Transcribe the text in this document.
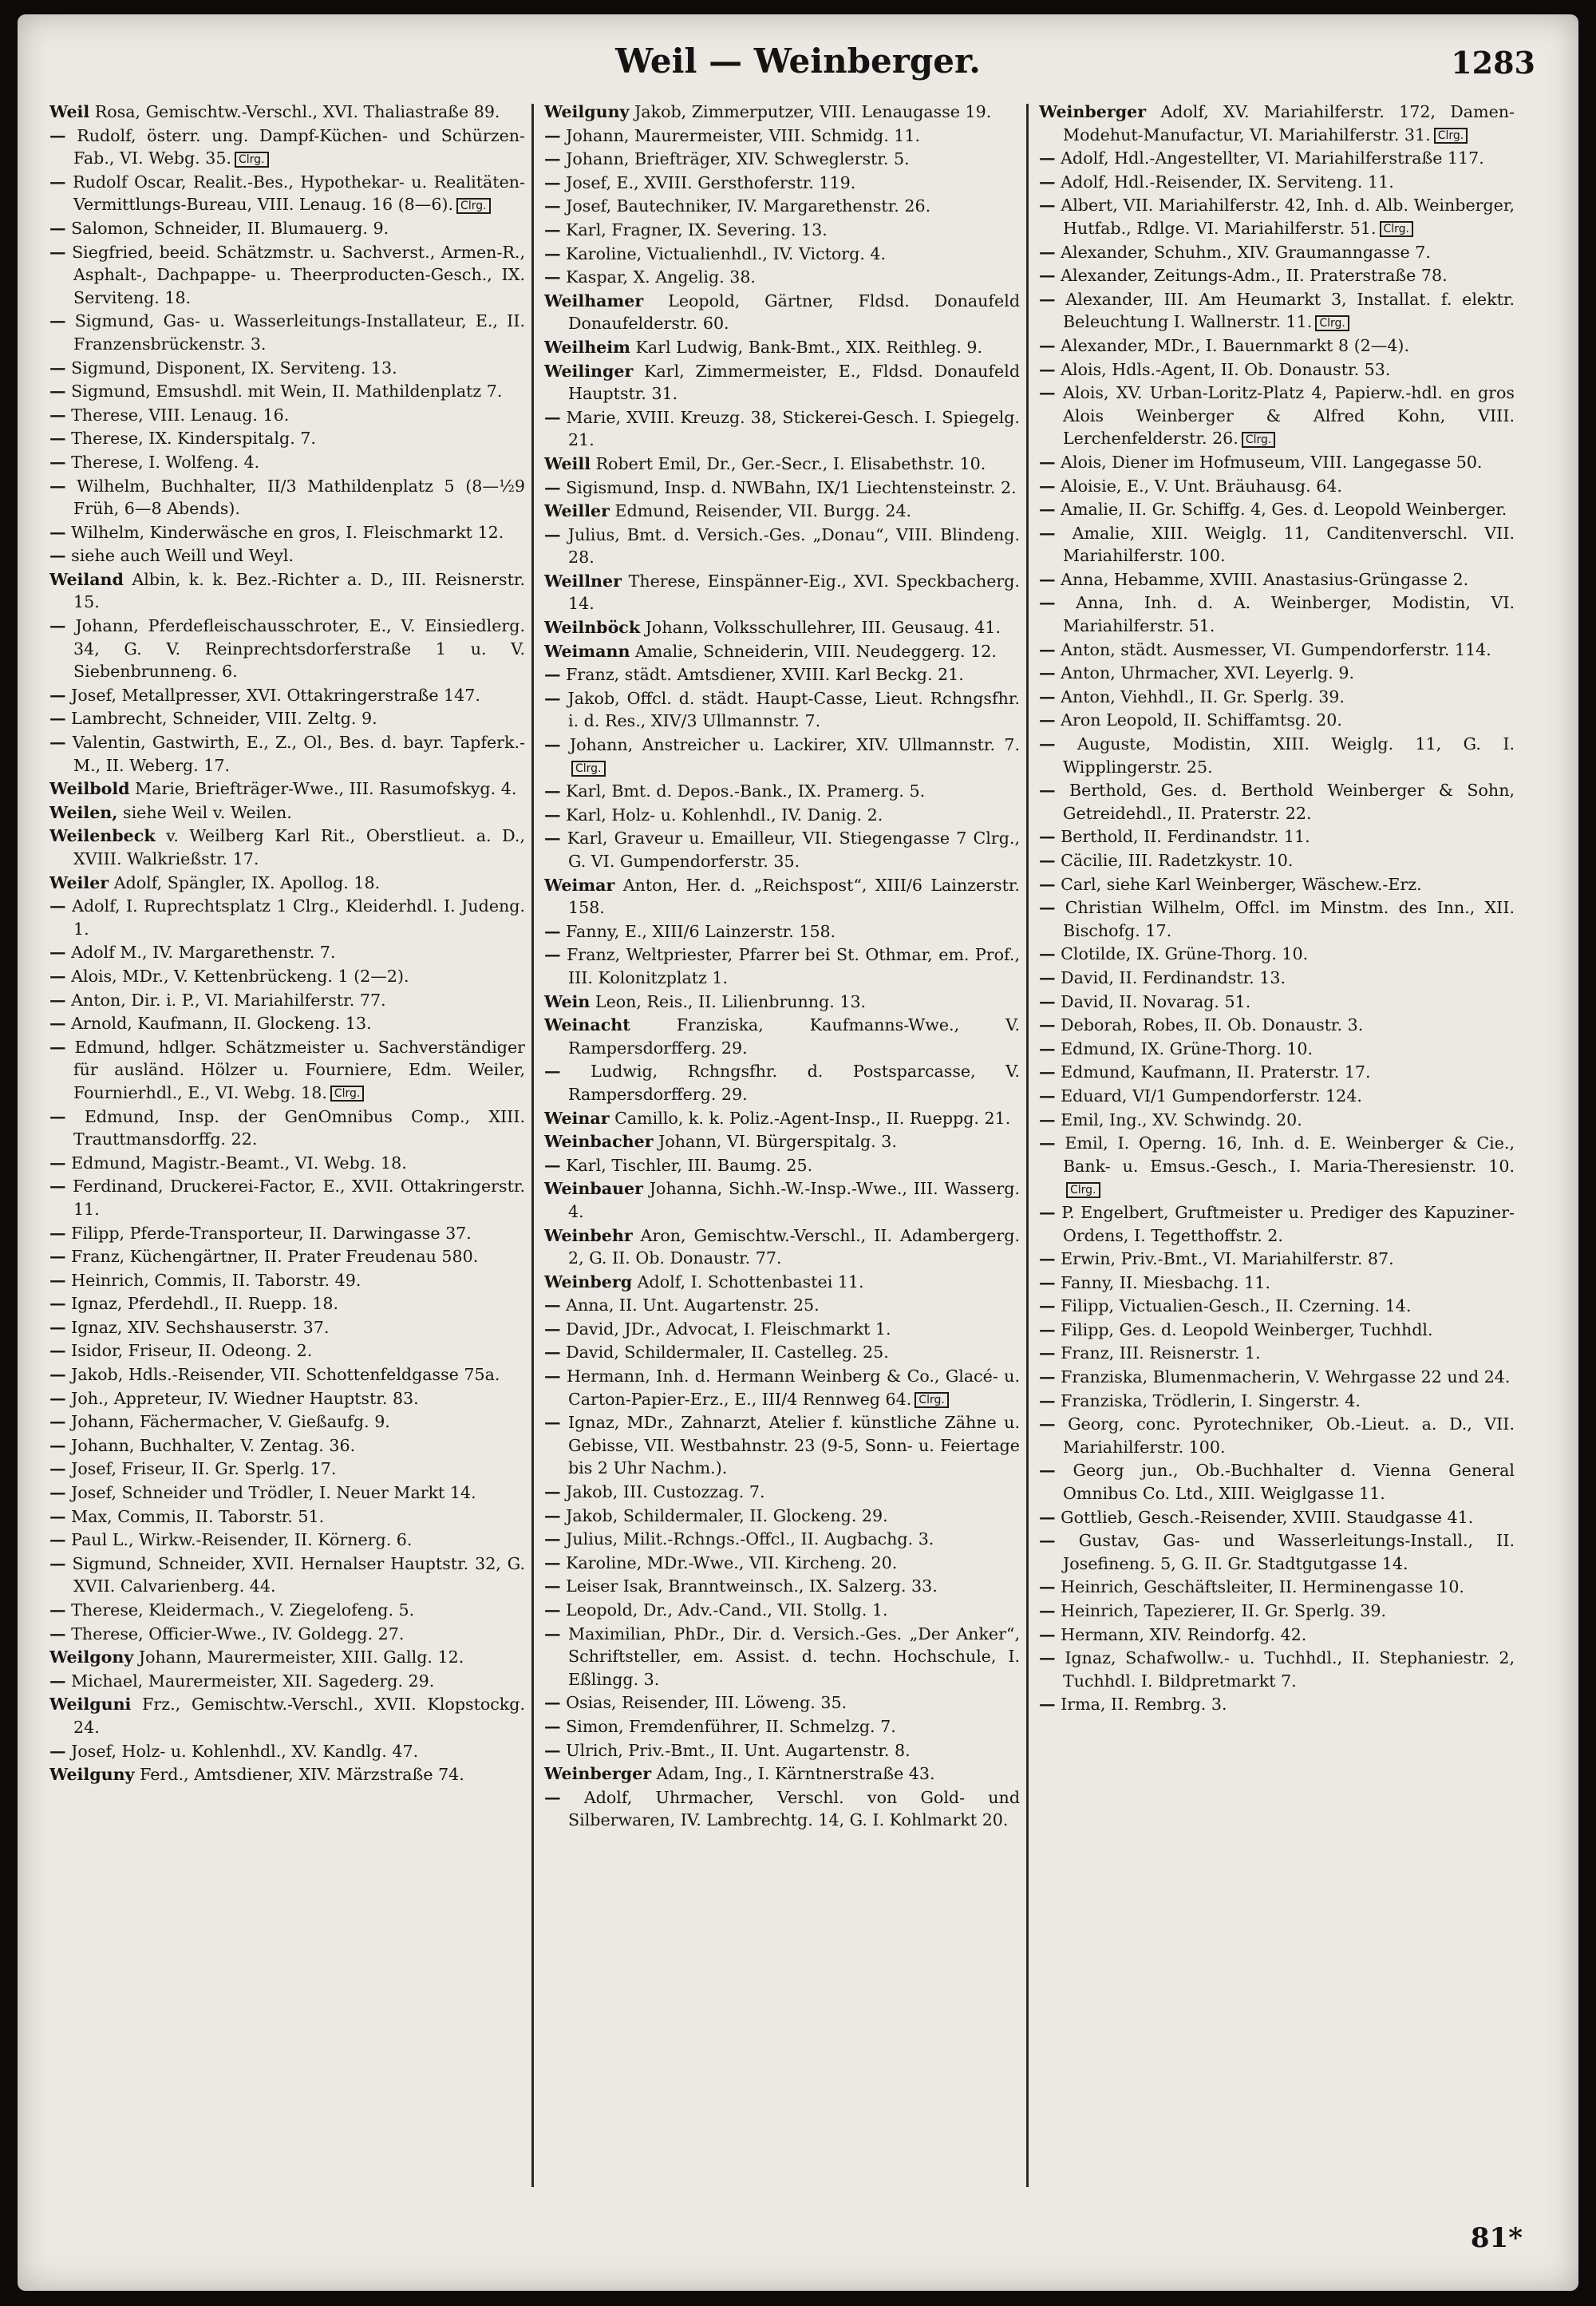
Weil — Weinberger.	1283
Weil Rosa, Gemischtw.-Verschl., XVI. Thaliastraße 89.
— Rudolf, österr. ung. Dampf-Küchen- und Schürzen-Fab., VI. Webg. 35. Clrg.
— Rudolf Oscar, Realit.-Bes., Hypothekar- u. Realitäten-Vermittlungs-Bureau, VIII. Lenaug. 16 (8—6). Clrg.
— Salomon, Schneider, II. Blumauerg. 9.
— Siegfried, beeid. Schätzmstr. u. Sachverst., Armen-R., Asphalt-, Dachpappe- u. Theerproducten-Gesch., IX. Serviteng. 18.
— Sigmund, Gas- u. Wasserleitungs-Installateur, E., II. Franzensbrückenstr. 3.
— Sigmund, Disponent, IX. Serviteng. 13.
— Sigmund, Emsushdl. mit Wein, II. Mathildenplatz 7.
— Therese, VIII. Lenaug. 16.
— Therese, IX. Kinderspitalg. 7.
— Therese, I. Wolfeng. 4.
— Wilhelm, Buchhalter, II/3 Mathildenplatz 5 (8—½9 Früh, 6—8 Abends).
— Wilhelm, Kinderwäsche en gros, I. Fleischmarkt 12.
— siehe auch Weill und Weyl.
Weiland Albin, k. k. Bez.-Richter a. D., III. Reisnerstr. 15.
— Johann, Pferdefleischausschroter, E., V. Einsiedlerg. 34, G. V. Reinprechtsdorferstraße 1 u. V. Siebenbrunneng. 6.
— Josef, Metallpresser, XVI. Ottakringerstraße 147.
— Lambrecht, Schneider, VIII. Zeltg. 9.
— Valentin, Gastwirth, E., Z., Ol., Bes. d. bayr. Tapferk.-M., II. Weberg. 17.
Weilbold Marie, Briefträger-Wwe., III. Rasumofskyg. 4.
Weilen, siehe Weil v. Weilen.
Weilenbeck v. Weilberg Karl Rit., Oberstlieut. a. D., XVIII. Walkrießstr. 17.
Weiler Adolf, Spängler, IX. Apollog. 18.
— Adolf, I. Ruprechtsplatz 1 Clrg., Kleiderhdl. I. Judeng. 1.
— Adolf M., IV. Margarethenstr. 7.
— Alois, MDr., V. Kettenbrückeng. 1 (2—2).
— Anton, Dir. i. P., VI. Mariahilferstr. 77.
— Arnold, Kaufmann, II. Glockeng. 13.
— Edmund, hdlger. Schätzmeister u. Sachverständiger für ausländ. Hölzer u. Fourniere, Edm. Weiler, Fournierhdl., E., VI. Webg. 18. Clrg.
— Edmund, Insp. der GenOmnibus Comp., XIII. Trauttmansdorffg. 22.
— Edmund, Magistr.-Beamt., VI. Webg. 18.
— Ferdinand, Druckerei-Factor, E., XVII. Ottakringerstr. 11.
— Filipp, Pferde-Transporteur, II. Darwingasse 37.
— Franz, Küchengärtner, II. Prater Freudenau 580.
— Heinrich, Commis, II. Taborstr. 49.
— Ignaz, Pferdehdl., II. Ruepp. 18.
— Ignaz, XIV. Sechshauserstr. 37.
— Isidor, Friseur, II. Odeong. 2.
— Jakob, Hdls.-Reisender, VII. Schottenfeldgasse 75a.
— Joh., Appreteur, IV. Wiedner Hauptstr. 83.
— Johann, Fächermacher, V. Gießaufg. 9.
— Johann, Buchhalter, V. Zentag. 36.
— Josef, Friseur, II. Gr. Sperlg. 17.
— Josef, Schneider und Trödler, I. Neuer Markt 14.
— Max, Commis, II. Taborstr. 51.
— Paul L., Wirkw.-Reisender, II. Körnerg. 6.
— Sigmund, Schneider, XVII. Hernalser Hauptstr. 32, G. XVII. Calvarienberg. 44.
— Therese, Kleidermach., V. Ziegelofeng. 5.
— Therese, Officier-Wwe., IV. Goldegg. 27.
Weilgony Johann, Maurermeister, XIII. Gallg. 12.
— Michael, Maurermeister, XII. Sagederg. 29.
Weilguni Frz., Gemischtw.-Verschl., XVII. Klopstockg. 24.
— Josef, Holz- u. Kohlenhdl., XV. Kandlg. 47.
Weilguny Ferd., Amtsdiener, XIV. Märzstraße 74.
Weilguny Jakob, Zimmerputzer, VIII. Lenaugasse 19.
— Johann, Maurermeister, VIII. Schmidg. 11.
— Johann, Briefträger, XIV. Schweglerstr. 5.
— Josef, E., XVIII. Gersthoferstr. 119.
— Josef, Bautechniker, IV. Margarethenstr. 26.
— Karl, Fragner, IX. Severing. 13.
— Karoline, Victualienhdl., IV. Victorg. 4.
— Kaspar, X. Angelig. 38.
Weilhamer Leopold, Gärtner, Fldsd. Donaufeld Donaufelderstr. 60.
Weilheim Karl Ludwig, Bank-Bmt., XIX. Reithleg. 9.
Weilinger Karl, Zimmermeister, E., Fldsd. Donaufeld Hauptstr. 31.
— Marie, XVIII. Kreuzg. 38, Stickerei-Gesch. I. Spiegelg. 21.
Weill Robert Emil, Dr., Ger.-Secr., I. Elisabethstr. 10.
— Sigismund, Insp. d. NWBahn, IX/1 Liechtensteinstr. 2.
Weiller Edmund, Reisender, VII. Burgg. 24.
— Julius, Bmt. d. Versich.-Ges. „Donau“, VIII. Blindeng. 28.
Weillner Therese, Einspänner-Eig., XVI. Speckbacherg. 14.
Weilnböck Johann, Volksschullehrer, III. Geusaug. 41.
Weimann Amalie, Schneiderin, VIII. Neudeggerg. 12.
— Franz, städt. Amtsdiener, XVIII. Karl Beckg. 21.
— Jakob, Offcl. d. städt. Haupt-Casse, Lieut. Rchngsfhr. i. d. Res., XIV/3 Ullmannstr. 7.
— Johann, Anstreicher u. Lackirer, XIV. Ullmannstr. 7.Clrg.
— Karl, Bmt. d. Depos.-Bank., IX. Pramerg. 5.
— Karl, Holz- u. Kohlenhdl., IV. Danig. 2.
— Karl, Graveur u. Emailleur, VII. Stiegengasse 7 Clrg., G. VI. Gumpendorferstr. 35.
Weimar Anton, Her. d. „Reichspost“, XIII/6 Lainzerstr. 158.
— Fanny, E., XIII/6 Lainzerstr. 158.
— Franz, Weltpriester, Pfarrer bei St. Othmar, em. Prof., III. Kolonitzplatz 1.
Wein Leon, Reis., II. Lilienbrunng. 13.
Weinacht	Franziska, Kaufmanns-Wwe., V. Rampersdorfferg. 29.
— Ludwig, Rchngsfhr. d. Postsparcasse, V. Rampersdorfferg. 29.
Weinar Camillo, k. k. Poliz.-Agent-Insp., II. Rueppg. 21.
Weinbacher Johann, VI. Bürgerspitalg. 3.
— Karl, Tischler, III. Baumg. 25.
Weinbauer Johanna, Sichh.-W.-Insp.-Wwe., III. Wasserg. 4.
Weinbehr Aron, Gemischtw.-Verschl., II. Adambergerg. 2, G. II. Ob. Donaustr. 77.
Weinberg Adolf, I. Schottenbastei 11.
— Anna, II. Unt. Augartenstr. 25.
— David, JDr., Advocat, I. Fleischmarkt 1.
— David, Schildermaler, II. Castelleg. 25.
— Hermann, Inh. d. Hermann Weinberg & Co., Glacé- u. Carton-Papier-Erz., E., III/4 Rennweg 64. Clrg.
— Ignaz, MDr., Zahnarzt, Atelier f. künstliche Zähne u. Gebisse, VII. Westbahnstr. 23 (9-5, Sonn- u. Feiertage bis 2 Uhr Nachm.).
— Jakob, III. Custozzag. 7.
— Jakob, Schildermaler, II. Glockeng. 29.
— Julius, Milit.-Rchngs.-Offcl., II. Augbachg. 3.
— Karoline, MDr.-Wwe., VII. Kircheng. 20.
— Leiser Isak, Branntweinsch., IX. Salzerg. 33.
— Leopold, Dr., Adv.-Cand., VII. Stollg. 1.
— Maximilian, PhDr., Dir. d. Versich.-Ges. „Der Anker“, Schriftsteller, em. Assist. d. techn. Hochschule, I. Eßlingg. 3.
— Osias, Reisender, III. Löweng. 35.
— Simon, Fremdenführer, II. Schmelzg. 7.
— Ulrich, Priv.-Bmt., II. Unt. Augartenstr. 8.
Weinberger Adam, Ing., I. Kärntnerstraße 43.
— Adolf, Uhrmacher, Verschl. von Gold- und Silberwaren, IV. Lambrechtg. 14, G. I. Kohlmarkt 20.
Weinberger Adolf, XV. Mariahilferstr. 172, Damen-Modehut-Manufactur, VI. Mariahilferstr. 31. Clrg.
— Adolf, Hdl.-Angestellter, VI. Mariahilferstraße 117.
— Adolf, Hdl.-Reisender, IX. Serviteng. 11.
— Albert, VII. Mariahilferstr. 42, Inh. d. Alb. Weinberger, Hutfab., Rdlge. VI. Mariahilferstr. 51. Clrg.
— Alexander, Schuhm., XIV. Graumanngasse 7.
— Alexander, Zeitungs-Adm., II. Praterstraße 78.
— Alexander, III. Am Heumarkt 3, Installat. f. elektr. Beleuchtung I. Wallnerstr. 11. Clrg.
— Alexander, MDr., I. Bauernmarkt 8 (2—4).
— Alois, Hdls.-Agent, II. Ob. Donaustr. 53.
— Alois, XV. Urban-Loritz-Platz 4, Papierw.-hdl. en gros Alois Weinberger & Alfred Kohn, VIII. Lerchenfelderstr. 26. Clrg.
— Alois, Diener im Hofmuseum, VIII. Langegasse 50.
— Aloisie, E., V. Unt. Bräuhausg. 64.
— Amalie, II. Gr. Schiffg. 4, Ges. d. Leopold Weinberger.
— Amalie, XIII. Weiglg. 11, Canditenverschl. VII. Mariahilferstr. 100.
— Anna, Hebamme, XVIII. Anastasius-Grüngasse 2.
— Anna, Inh. d. A. Weinberger, Modistin, VI. Mariahilferstr. 51.
— Anton, städt. Ausmesser, VI. Gumpendorferstr. 114.
— Anton, Uhrmacher, XVI. Leyerlg. 9.
— Anton, Viehhdl., II. Gr. Sperlg. 39.
— Aron Leopold, II. Schiffamtsg. 20.
— Auguste, Modistin, XIII. Weiglg. 11, G. I. Wipplingerstr. 25.
— Berthold, Ges. d. Berthold Weinberger & Sohn, Getreidehdl., II. Praterstr. 22.
— Berthold, II. Ferdinandstr. 11.
— Cäcilie, III. Radetzkystr. 10.
— Carl, siehe Karl Weinberger, Wäschew.-Erz.
— Christian Wilhelm, Offcl. im Minstm. des Inn., XII. Bischofg. 17.
— Clotilde, IX. Grüne-Thorg. 10.
— David, II. Ferdinandstr. 13.
— David, II. Novarag. 51.
— Deborah, Robes, II. Ob. Donaustr. 3.
— Edmund, IX. Grüne-Thorg. 10.
— Edmund, Kaufmann, II. Praterstr. 17.
— Eduard, VI/1 Gumpendorferstr. 124.
— Emil, Ing., XV. Schwindg. 20.
— Emil, I. Operng. 16, Inh. d. E. Weinberger & Cie., Bank- u. Emsus.-Gesch., I. Maria-Theresienstr. 10.Clrg.
— P. Engelbert, Gruftmeister u. Prediger des Kapuziner-Ordens, I. Tegetthoffstr. 2.
— Erwin, Priv.-Bmt., VI. Mariahilferstr. 87.
— Fanny, II. Miesbachg. 11.
— Filipp, Victualien-Gesch., II. Czerning. 14.
— Filipp, Ges. d. Leopold Weinberger, Tuchhdl.
— Franz, III. Reisnerstr. 1.
— Franziska, Blumenmacherin, V. Wehrgasse 22 und 24.
— Franziska, Trödlerin, I. Singerstr. 4.
— Georg, conc. Pyrotechniker, Ob.-Lieut. a. D., VII. Mariahilferstr. 100.
— Georg jun., Ob.-Buchhalter d. Vienna General Omnibus Co. Ltd., XIII. Weiglgasse 11.
— Gottlieb, Gesch.-Reisender, XVIII. Staudgasse 41.
— Gustav, Gas- und Wasserleitungs-Install., II. Josefineng. 5, G. II. Gr. Stadtgutgasse 14.
— Heinrich, Geschäftsleiter, II. Herminengasse 10.
— Heinrich, Tapezierer, II. Gr. Sperlg. 39.
— Hermann, XIV. Reindorfg. 42.
— Ignaz, Schafwollw.- u. Tuchhdl., II. Stephaniestr. 2, Tuchhdl. I. Bildpretmarkt 7.
— Irma, II. Rembrg. 3.
81*
